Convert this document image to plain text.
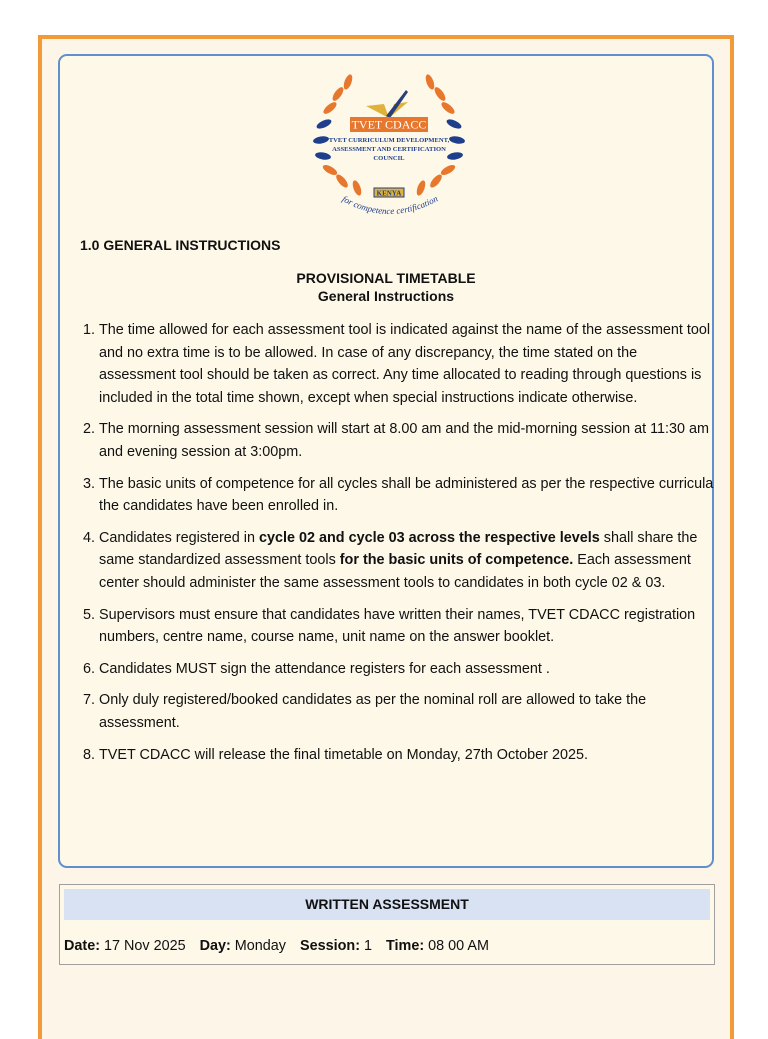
TVET CDACC
TVET CURRICULUM DEVELOPMENT,
ASSESSMENT AND CERTIFICATION
COUNCIL
KENYA
for competence certification

1.0 GENERAL INSTRUCTIONS

PROVISIONAL TIMETABLE

General Instructions

1. The time allowed for each assessment tool is indicated against the name of the assessment tool and no extra time is to be allowed. In case of any discrepancy, the time stated on the assessment tool should be taken as correct. Any time allocated to reading through questions is included in the total time shown, except when special instructions indicate otherwise.
2. The morning assessment session will start at 8.00 am and the mid-morning session at 11:30 am and evening session at 3:00pm.
3. The basic units of competence for all cycles shall be administered as per the respective curricula the candidates have been enrolled in.
4. Candidates registered in cycle 02 and cycle 03 across the respective levels shall share the same standardized assessment tools for the basic units of competence. Each assessment center should administer the same assessment tools to candidates in both cycle 02 & 03.
5. Supervisors must ensure that candidates have written their names, TVET CDACC registration numbers, centre name, course name, unit name on the answer booklet.
6. Candidates MUST sign the attendance registers for each assessment .
7. Only duly registered/booked candidates as per the nominal roll are allowed to take the assessment.
8. TVET CDACC will release the final timetable on Monday, 27th October 2025.
WRITTEN ASSESSMENT
Date: 17 Nov 2025 Day: Monday Session: 1 Time: 08 00 AM
